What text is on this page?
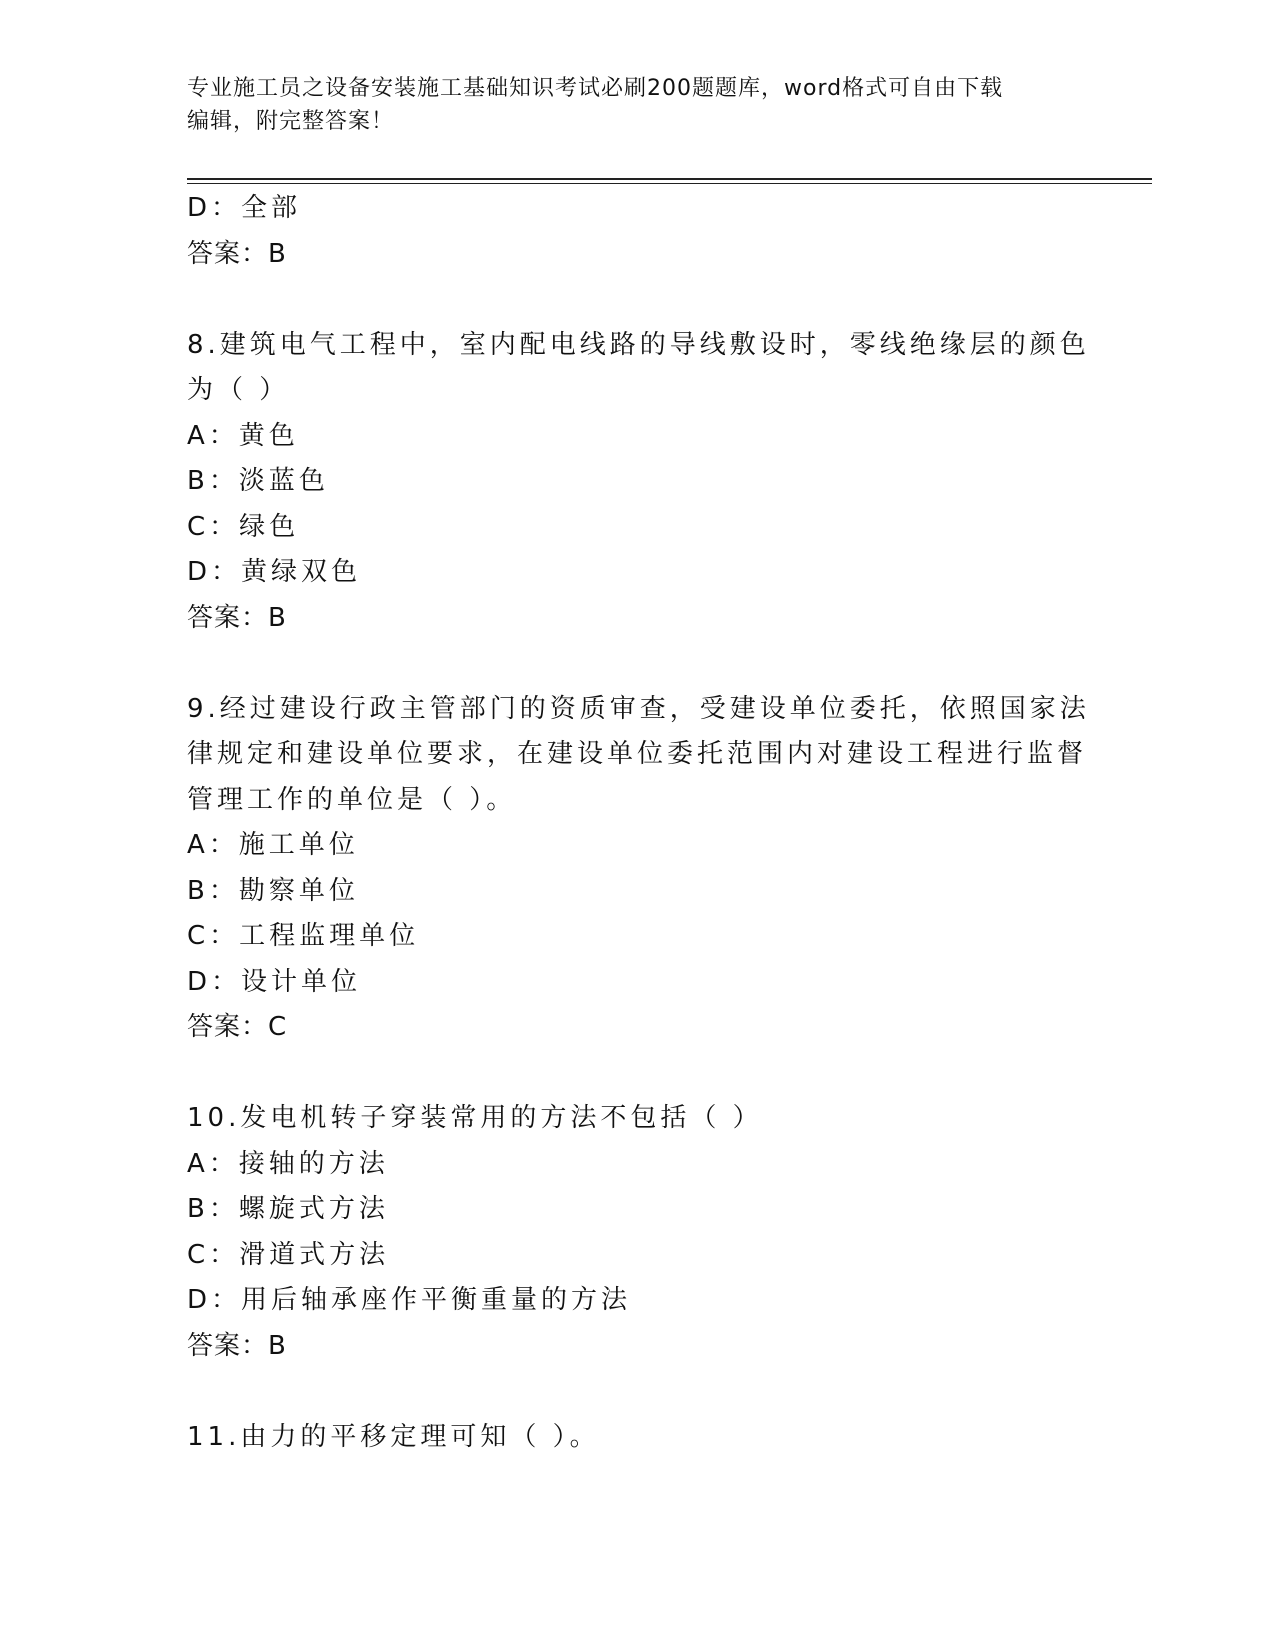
专业施工员之设备安装施工基础知识考试必刷200题题库，word格式可自由下载
编辑，附完整答案！
D：全部
答案：B
8.建筑电气工程中，室内配电线路的导线敷设时，零线绝缘层的颜色
为（ ）
A：黄色
B：淡蓝色
C：绿色
D：黄绿双色
答案：B
9.经过建设行政主管部门的资质审查，受建设单位委托，依照国家法
律规定和建设单位要求，在建设单位委托范围内对建设工程进行监督
管理工作的单位是（ ）。
A：施工单位
B：勘察单位
C：工程监理单位
D：设计单位
答案：C
10.发电机转子穿装常用的方法不包括（ ）
A：接轴的方法
B：螺旋式方法
C：滑道式方法
D：用后轴承座作平衡重量的方法
答案：B
11.由力的平移定理可知（ ）。
